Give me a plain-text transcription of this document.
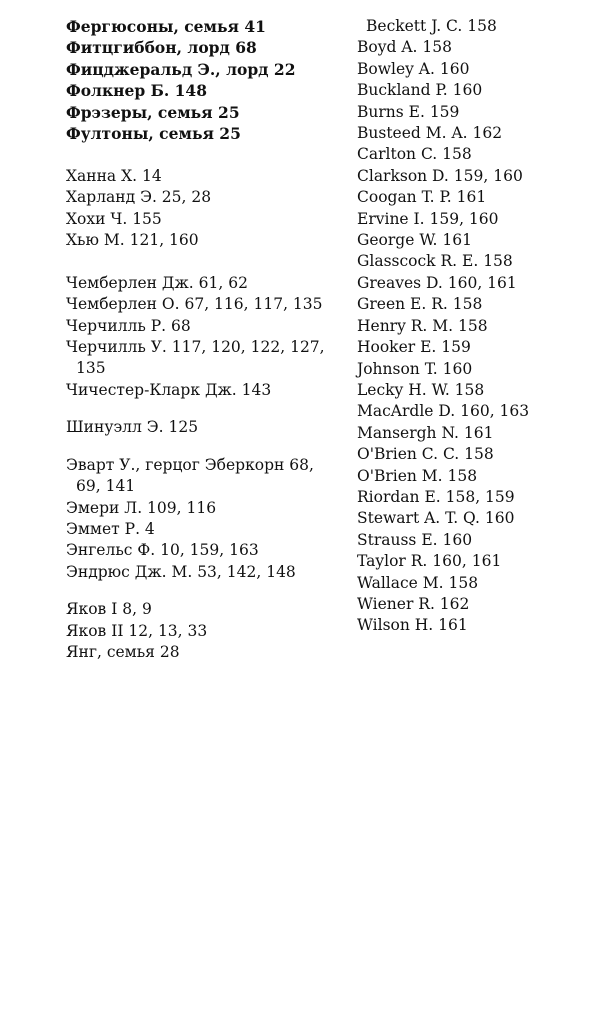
Фергюсоны, семья 41
Фитцгиббон, лорд 68
Фицджеральд Э., лорд 22
Фолкнер Б. 148
Фрэзеры, семья 25
Фултоны, семья 25
Ханна Х. 14
Харланд Э. 25, 28
Хохи Ч. 155
Хью М. 121, 160
Чемберлен Дж. 61, 62
Чемберлен О. 67, 116, 117, 135
Черчилль Р. 68
Черчилль У. 117, 120, 122, 127,
135
Чичестер-Кларк Дж. 143
Шинуэлл Э. 125
Эварт У., герцог Эберкорн 68,
69, 141
Эмери Л. 109, 116
Эммет Р. 4
Энгельс Ф. 10, 159, 163
Эндрюс Дж. М. 53, 142, 148
Яков I 8, 9
Яков II 12, 13, 33
Янг, семья 28
Beckett J. C. 158
Boyd A. 158
Bowley A. 160
Buckland P. 160
Burns E. 159
Busteed M. A. 162
Carlton C. 158
Clarkson D. 159, 160
Coogan T. P. 161
Ervine I. 159, 160
George W. 161
Glasscock R. E. 158
Greaves D. 160, 161
Green E. R. 158
Henry R. M. 158
Hooker E. 159
Johnson T. 160
Lecky H. W. 158
MacArdle D. 160, 163
Mansergh N. 161
O'Brien C. C. 158
O'Brien M. 158
Riordan E. 158, 159
Stewart A. T. Q. 160
Strauss E. 160
Taylor R. 160, 161
Wallace M. 158
Wiener R. 162
Wilson H. 161
